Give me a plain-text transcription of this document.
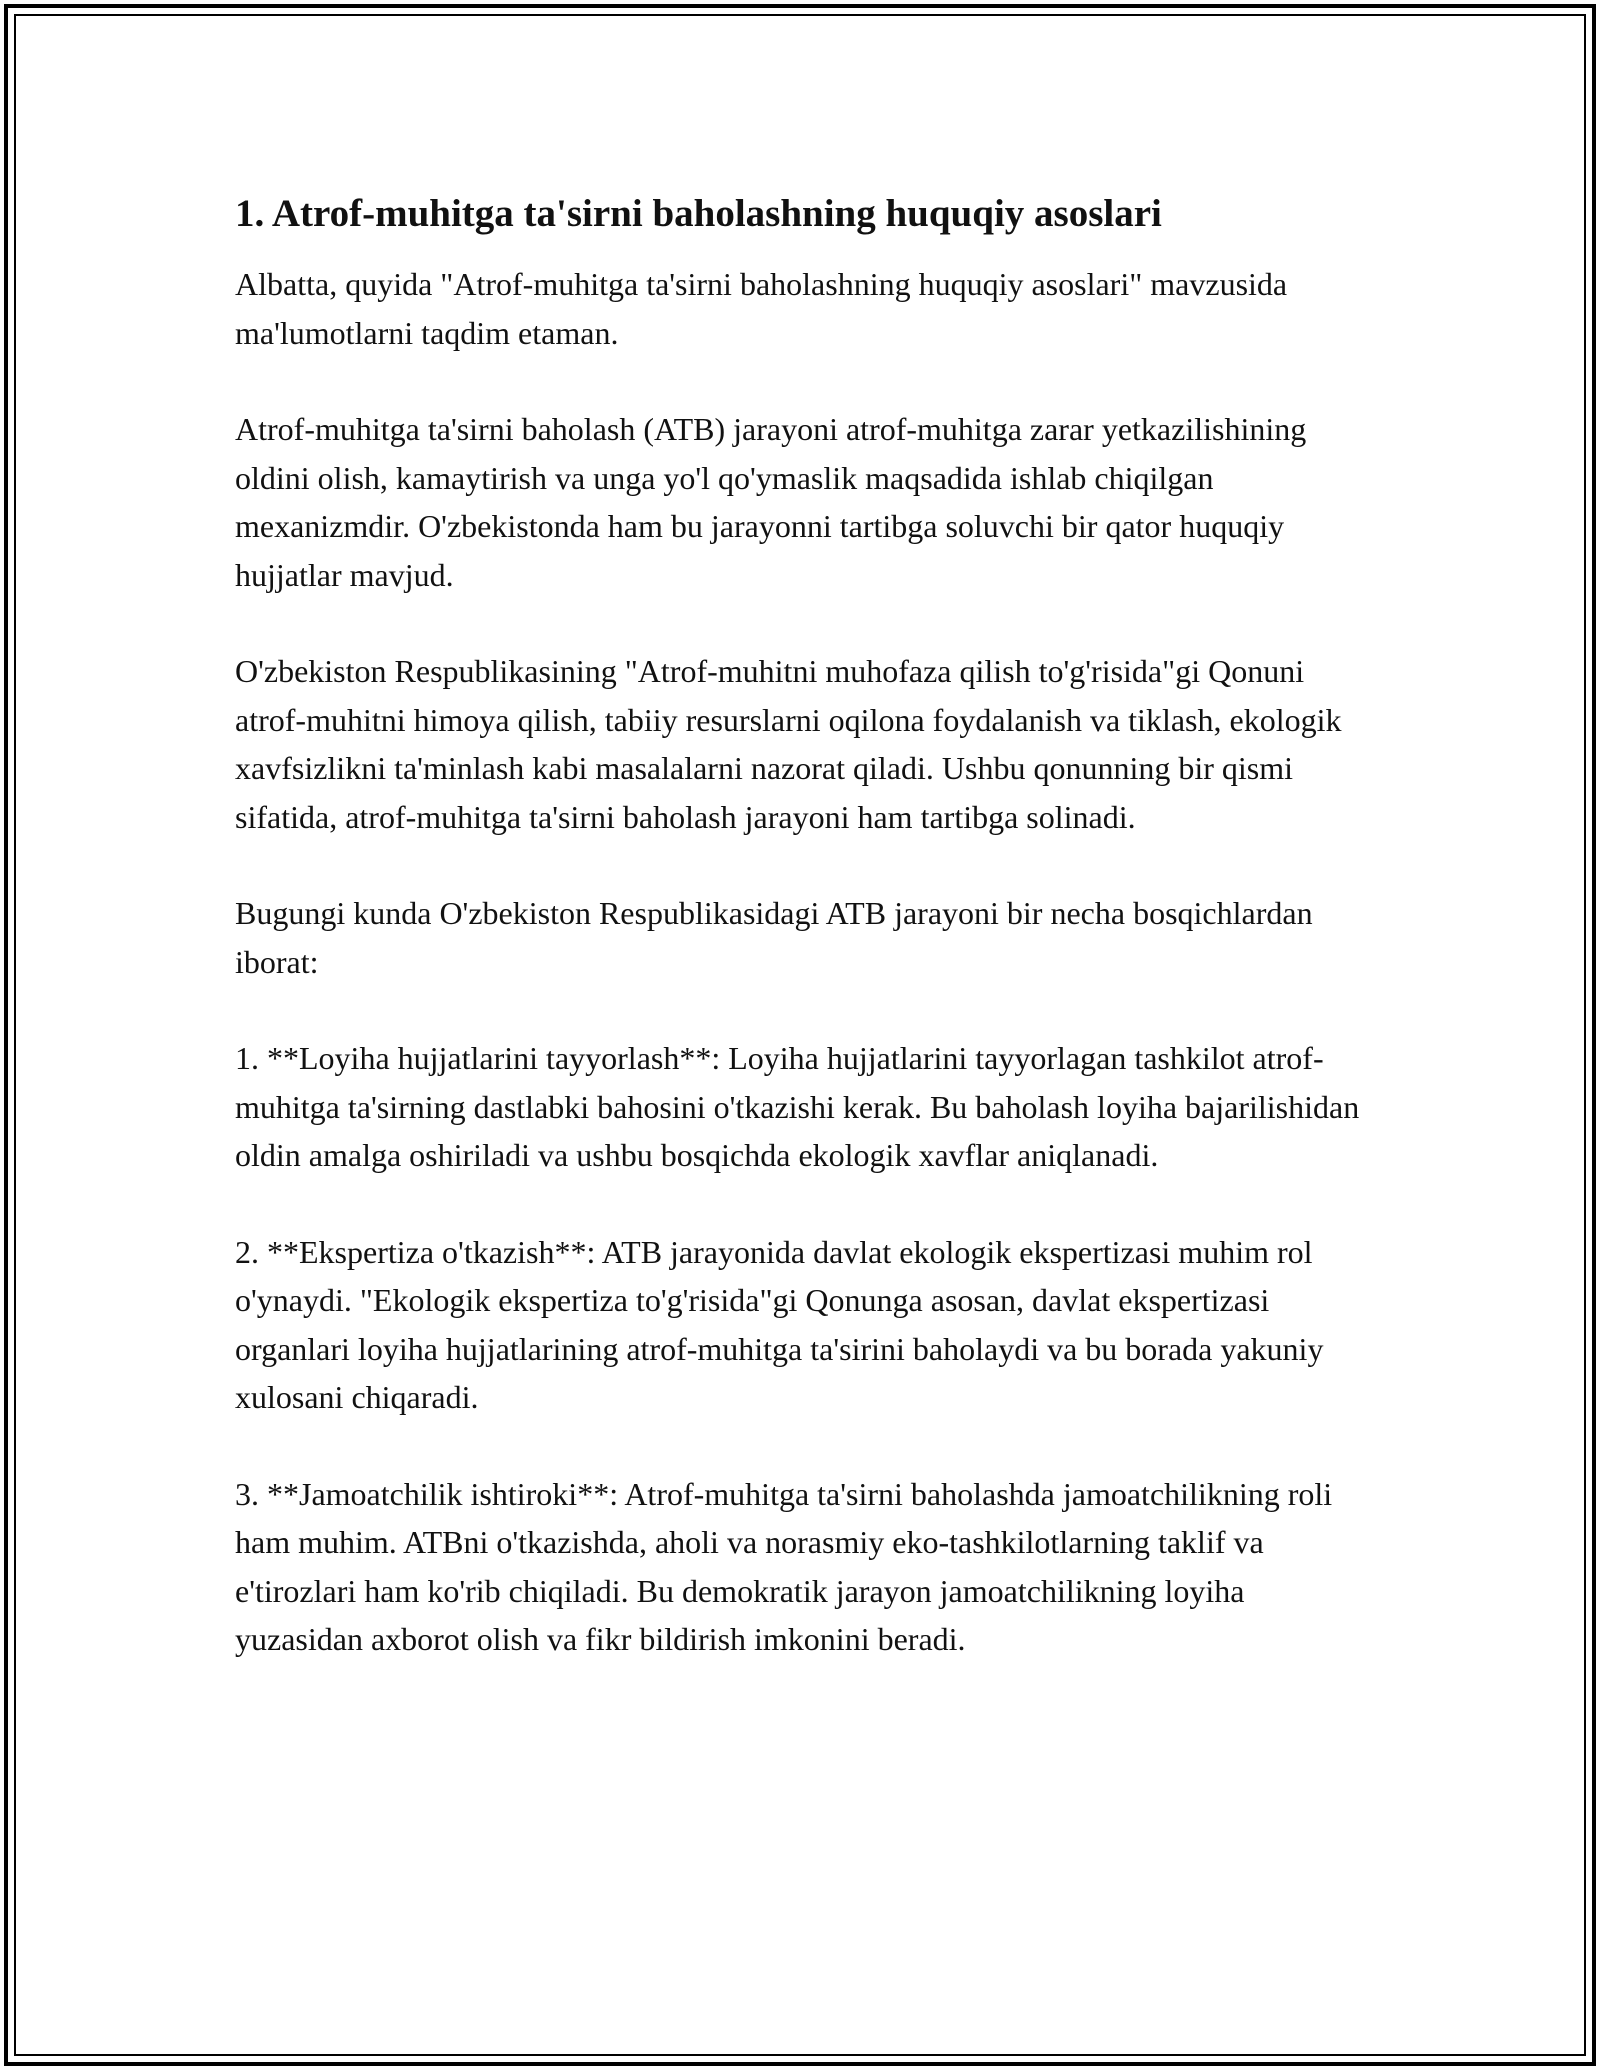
1. Atrof-muhitga ta'sirni baholashning huquqiy asoslari

Albatta, quyida "Atrof-muhitga ta'sirni baholashning huquqiy asoslari" mavzusida ma'lumotlarni taqdim etaman.

Atrof-muhitga ta'sirni baholash (ATB) jarayoni atrof-muhitga zarar yetkazilishining oldini olish, kamaytirish va unga yo'l qo'ymaslik maqsadida ishlab chiqilgan mexanizmdir. O'zbekistonda ham bu jarayonni tartibga soluvchi bir qator huquqiy hujjatlar mavjud.

O'zbekiston Respublikasining "Atrof-muhitni muhofaza qilish to'g'risida"gi Qonuni atrof-muhitni himoya qilish, tabiiy resurslarni oqilona foydalanish va tiklash, ekologik xavfsizlikni ta'minlash kabi masalalarni nazorat qiladi. Ushbu qonunning bir qismi sifatida, atrof-muhitga ta'sirni baholash jarayoni ham tartibga solinadi.

Bugungi kunda O'zbekiston Respublikasidagi ATB jarayoni bir necha bosqichlardan iborat:

1. **Loyiha hujjatlarini tayyorlash**: Loyiha hujjatlarini tayyorlagan tashkilot atrof-muhitga ta'sirning dastlabki bahosini o'tkazishi kerak. Bu baholash loyiha bajarilishidan oldin amalga oshiriladi va ushbu bosqichda ekologik xavflar aniqlanadi.

2. **Ekspertiza o'tkazish**: ATB jarayonida davlat ekologik ekspertizasi muhim rol o'ynaydi. "Ekologik ekspertiza to'g'risida"gi Qonunga asosan, davlat ekspertizasi organlari loyiha hujjatlarining atrof-muhitga ta'sirini baholaydi va bu borada yakuniy xulosani chiqaradi.

3. **Jamoatchilik ishtiroki**: Atrof-muhitga ta'sirni baholashda jamoatchilikning roli ham muhim. ATBni o'tkazishda, aholi va norasmiy eko-tashkilotlarning taklif va e'tirozlari ham ko'rib chiqiladi. Bu demokratik jarayon jamoatchilikning loyiha yuzasidan axborot olish va fikr bildirish imkonini beradi.
